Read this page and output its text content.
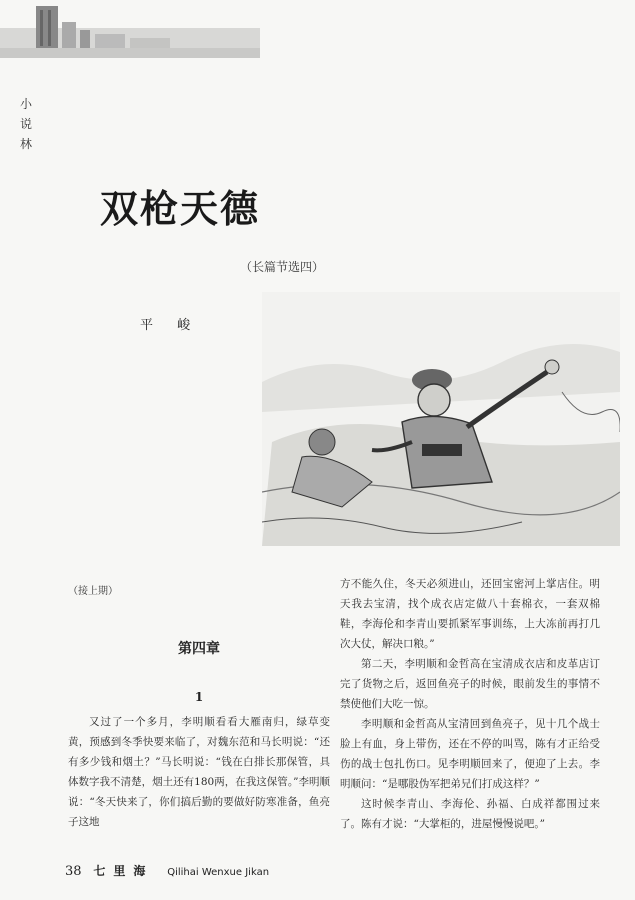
小
说
林
双枪天德
（长篇节选四）
平 峻
（接上期）
第四章
1

又过了一个多月，李明顺看看大雁南归，绿草变黄，预感到冬季快要来临了，对魏东范和马长明说：“还有多少钱和烟土？”马长明说：“钱在白排长那保管，具体数字我不清楚，烟土还有180两，在我这保管。”李明顺说：“冬天快来了，你们搞后勤的要做好防寒准备，鱼亮子这地

方不能久住，冬天必须进山，还回宝密河上掌店住。明天我去宝清，找个成衣店定做八十套棉衣，一套双棉鞋，李海伦和李青山要抓紧军事训练，上大冻前再打几次大仗，解决口粮。”

第二天，李明顺和金哲高在宝清成衣店和皮革店订完了货物之后，返回鱼亮子的时候，眼前发生的事情不禁使他们大吃一惊。

李明顺和金哲高从宝清回到鱼亮子，见十几个战士脸上有血，身上带伤，还在不停的叫骂，陈有才正给受伤的战士包扎伤口。见李明顺回来了，便迎了上去。李明顺问：“是哪股伪军把弟兄们打成这样？”

这时候李青山、李海伦、孙福、白成祥都围过来了。陈有才说：“大掌柜的，进屋慢慢说吧。”

38 七里海 Qilihai Wenxue Jikan
